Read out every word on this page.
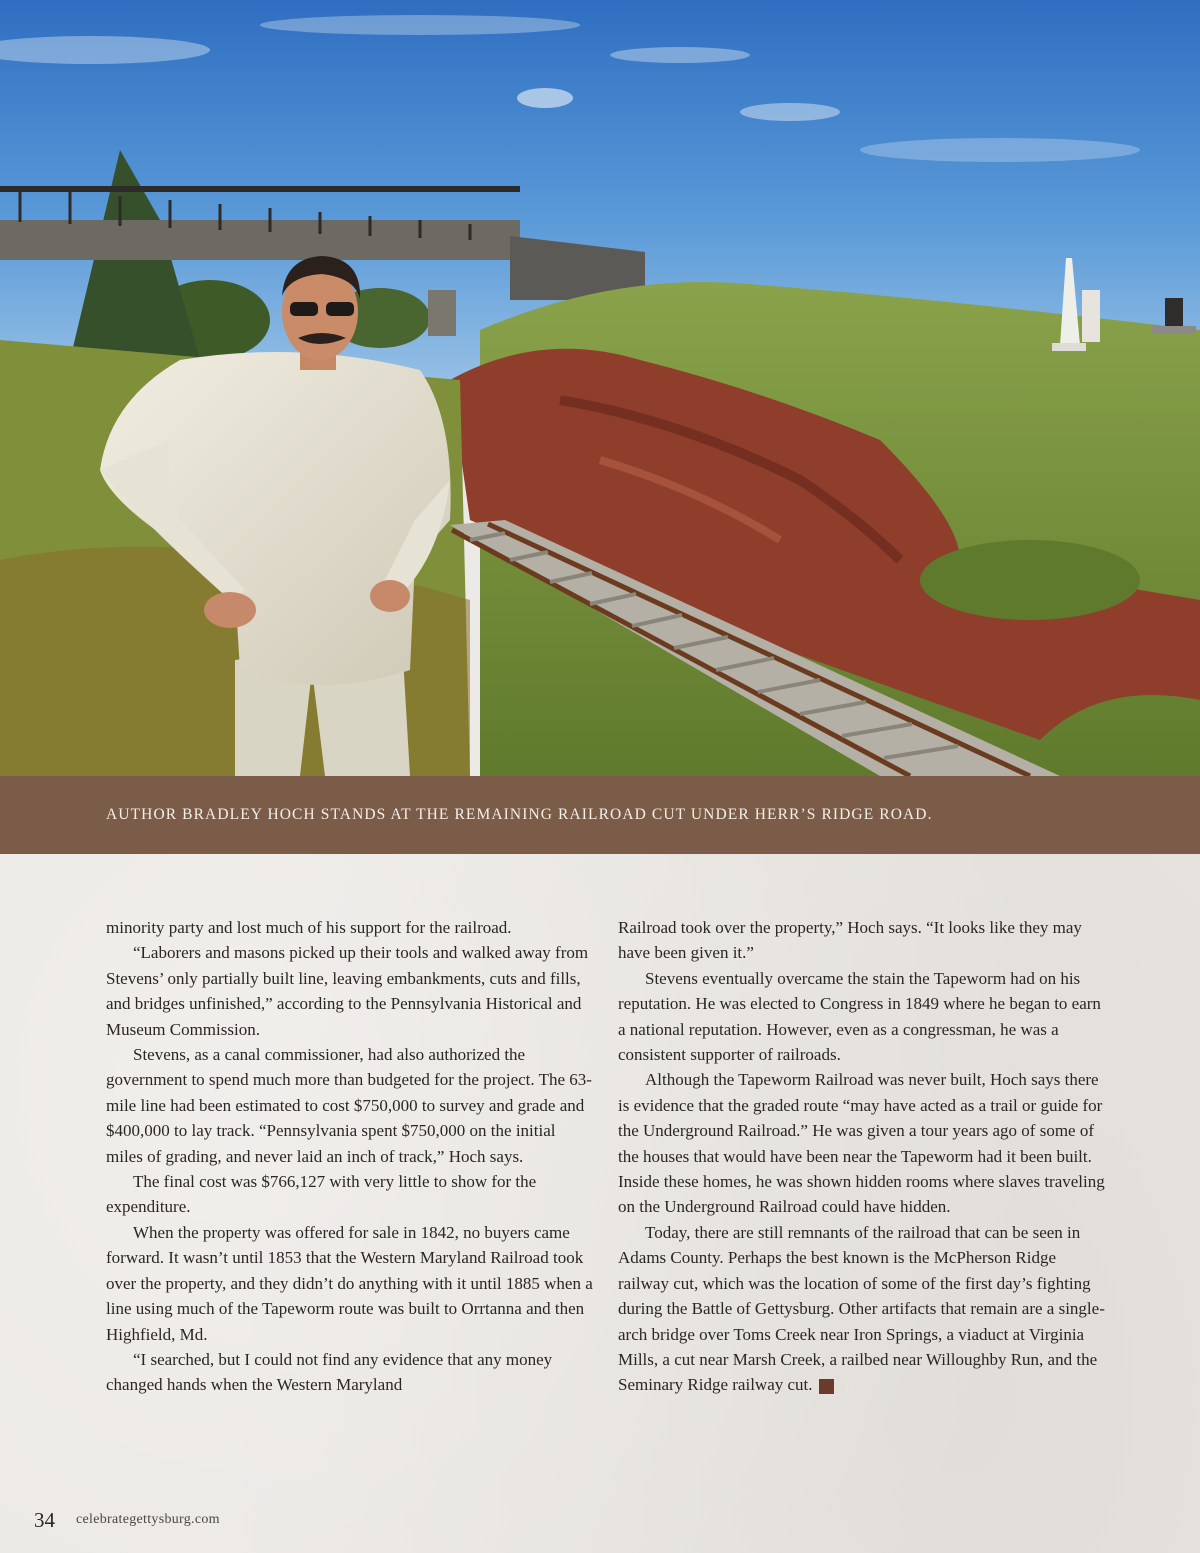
AUTHOR BRADLEY HOCH STANDS AT THE REMAINING RAILROAD CUT UNDER HERR’S RIDGE ROAD.

minority party and lost much of his support for the railroad.

“Laborers and masons picked up their tools and walked away from Stevens’ only partially built line, leaving embankments, cuts and fills, and bridges unfinished,” according to the Pennsylvania Historical and Museum Commission.

Stevens, as a canal commissioner, had also authorized the government to spend much more than budgeted for the project. The 63-mile line had been estimated to cost $750,000 to survey and grade and $400,000 to lay track. “Pennsylvania spent $750,000 on the initial miles of grading, and never laid an inch of track,” Hoch says.

The final cost was $766,127 with very little to show for the expenditure.

When the property was offered for sale in 1842, no buyers came forward. It wasn’t until 1853 that the Western Maryland Railroad took over the property, and they didn’t do anything with it until 1885 when a line using much of the Tapeworm route was built to Orrtanna and then Highfield, Md.

“I searched, but I could not find any evidence that any money changed hands when the Western Maryland

Railroad took over the property,” Hoch says. “It looks like they may have been given it.”

Stevens eventually overcame the stain the Tapeworm had on his reputation. He was elected to Congress in 1849 where he began to earn a national reputation. However, even as a congressman, he was a consistent supporter of railroads.

Although the Tapeworm Railroad was never built, Hoch says there is evidence that the graded route “may have acted as a trail or guide for the Underground Railroad.” He was given a tour years ago of some of the houses that would have been near the Tapeworm had it been built. Inside these homes, he was shown hidden rooms where slaves traveling on the Underground Railroad could have hidden.

Today, there are still remnants of the railroad that can be seen in Adams County. Perhaps the best known is the McPherson Ridge railway cut, which was the location of some of the first day’s fighting during the Battle of Gettysburg. Other artifacts that remain are a single-arch bridge over Toms Creek near Iron Springs, a viaduct at Virginia Mills, a cut near Marsh Creek, a railbed near Willoughby Run, and the Seminary Ridge railway cut.	G

34 celebrategettysburg.com
